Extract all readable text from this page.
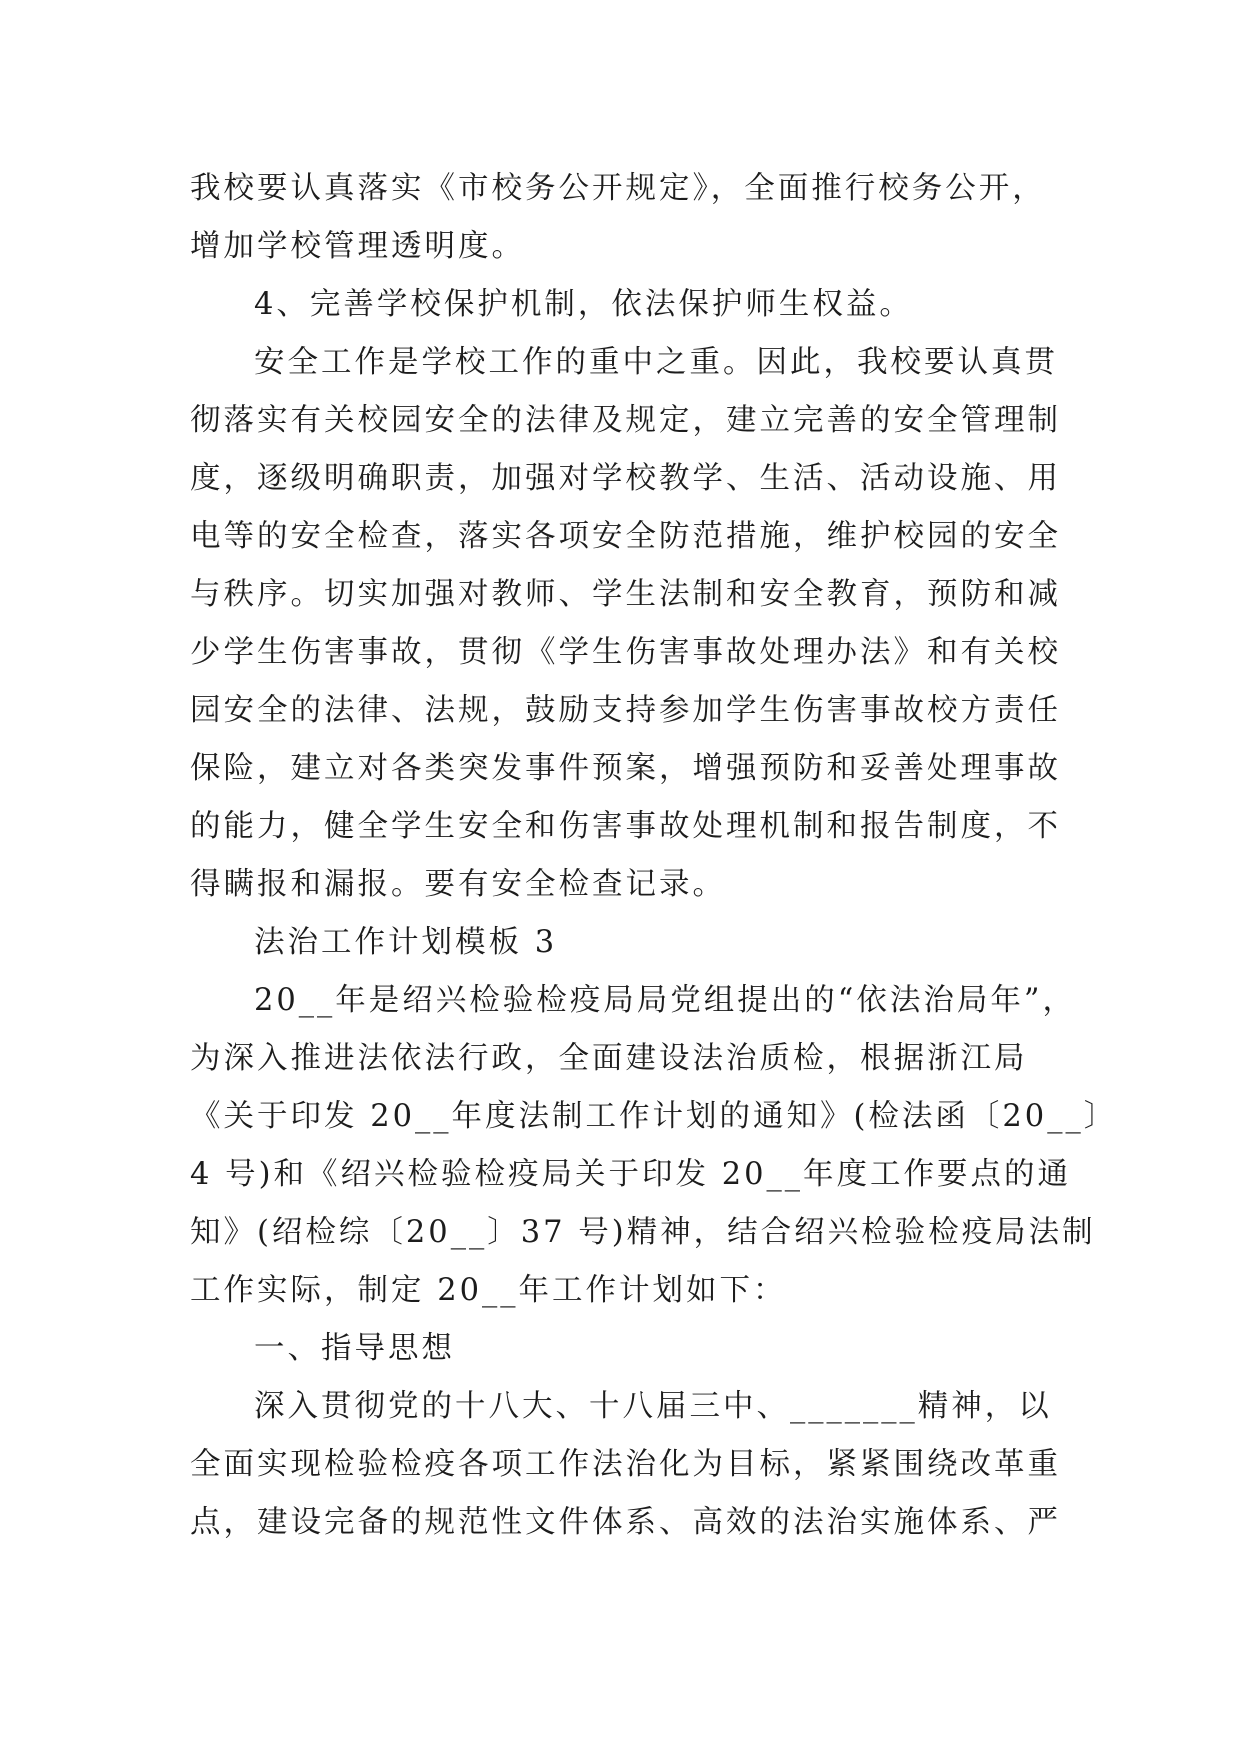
我校要认真落实《市校务公开规定》，全面推行校务公开，
增加学校管理透明度。
4、完善学校保护机制，依法保护师生权益。
安全工作是学校工作的重中之重。因此，我校要认真贯
彻落实有关校园安全的法律及规定，建立完善的安全管理制
度，逐级明确职责，加强对学校教学、生活、活动设施、用
电等的安全检查，落实各项安全防范措施，维护校园的安全
与秩序。切实加强对教师、学生法制和安全教育，预防和减
少学生伤害事故，贯彻《学生伤害事故处理办法》和有关校
园安全的法律、法规，鼓励支持参加学生伤害事故校方责任
保险，建立对各类突发事件预案，增强预防和妥善处理事故
的能力，健全学生安全和伤害事故处理机制和报告制度，不
得瞒报和漏报。要有安全检查记录。
法治工作计划模板 3
20__年是绍兴检验检疫局局党组提出的“依法治局年”，
为深入推进法依法行政，全面建设法治质检，根据浙江局
《关于印发 20__年度法制工作计划的通知》(检法函〔20__〕
4 号)和《绍兴检验检疫局关于印发 20__年度工作要点的通
知》(绍检综〔20__〕37 号)精神，结合绍兴检验检疫局法制
工作实际，制定 20__年工作计划如下：
一、指导思想
深入贯彻党的十八大、十八届三中、_______精神，以
全面实现检验检疫各项工作法治化为目标，紧紧围绕改革重
点，建设完备的规范性文件体系、高效的法治实施体系、严
